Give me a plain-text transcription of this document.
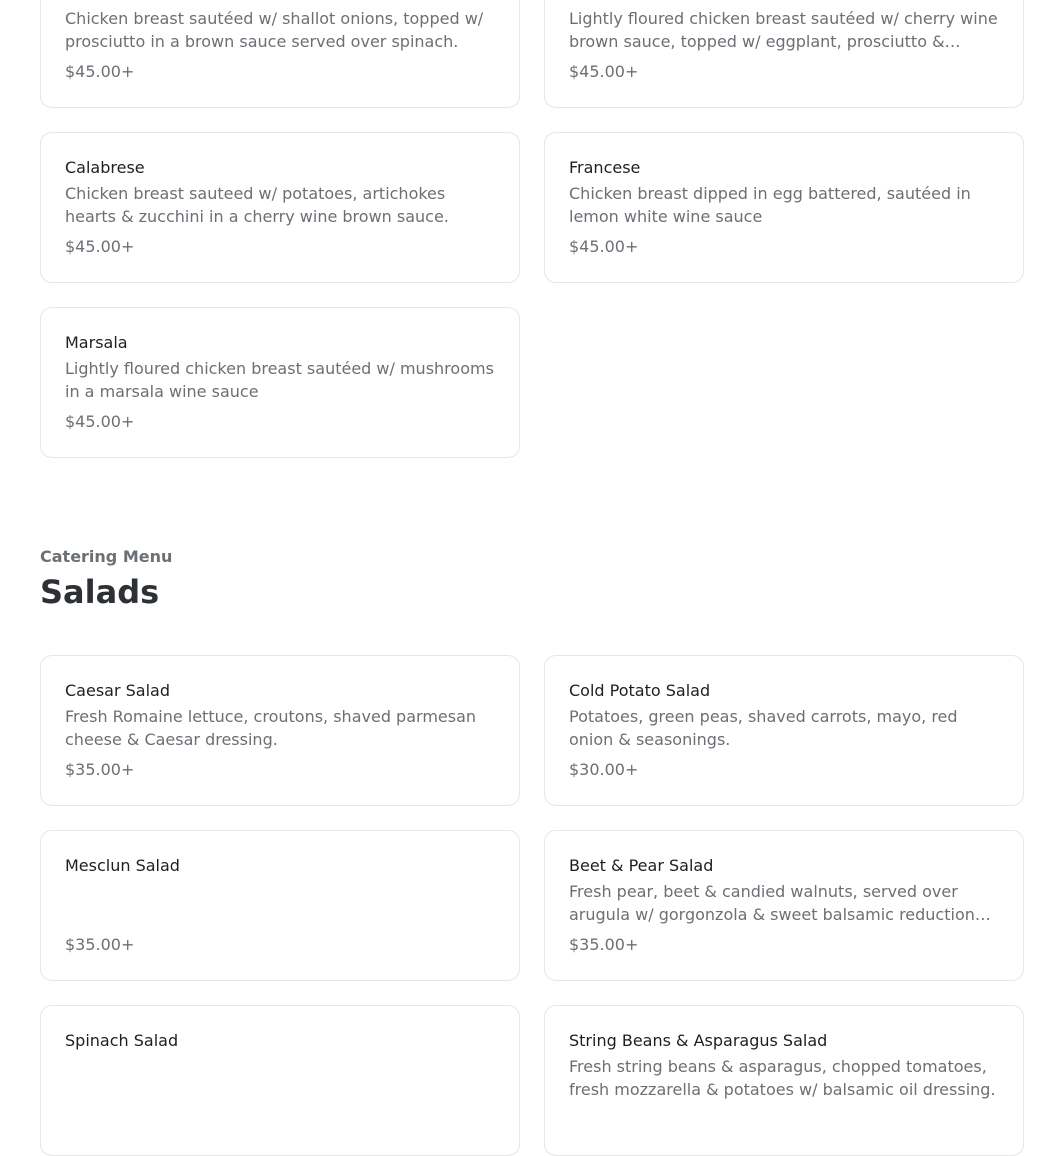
Chicken breast sautéed w/ shallot onions, topped w/ prosciutto in a brown sauce served over spinach.
$45.00+
Lightly floured chicken breast sautéed w/ cherry wine brown sauce, topped w/ eggplant, prosciutto &
$45.00+
Calabrese
Chicken breast sauteed w/ potatoes, artichokes hearts & zucchini in a cherry wine brown sauce.
$45.00+
Francese
Chicken breast dipped in egg battered, sautéed in lemon white wine sauce
$45.00+
Marsala
Lightly floured chicken breast sautéed w/ mushrooms in a marsala wine sauce
$45.00+
Catering Menu
Salads
Caesar Salad
Fresh Romaine lettuce, croutons, shaved parmesan cheese & Caesar dressing.
$35.00+
Cold Potato Salad
Potatoes, green peas, shaved carrots, mayo, red onion & seasonings.
$30.00+
Mesclun Salad
$35.00+
Beet & Pear Salad
Fresh pear, beet & candied walnuts, served over arugula w/ gorgonzola & sweet balsamic reduction
$35.00+
Spinach Salad	String Beans & Asparagus Salad
Fresh string beans & asparagus, chopped tomatoes, fresh mozzarella & potatoes w/ balsamic oil dressing.
